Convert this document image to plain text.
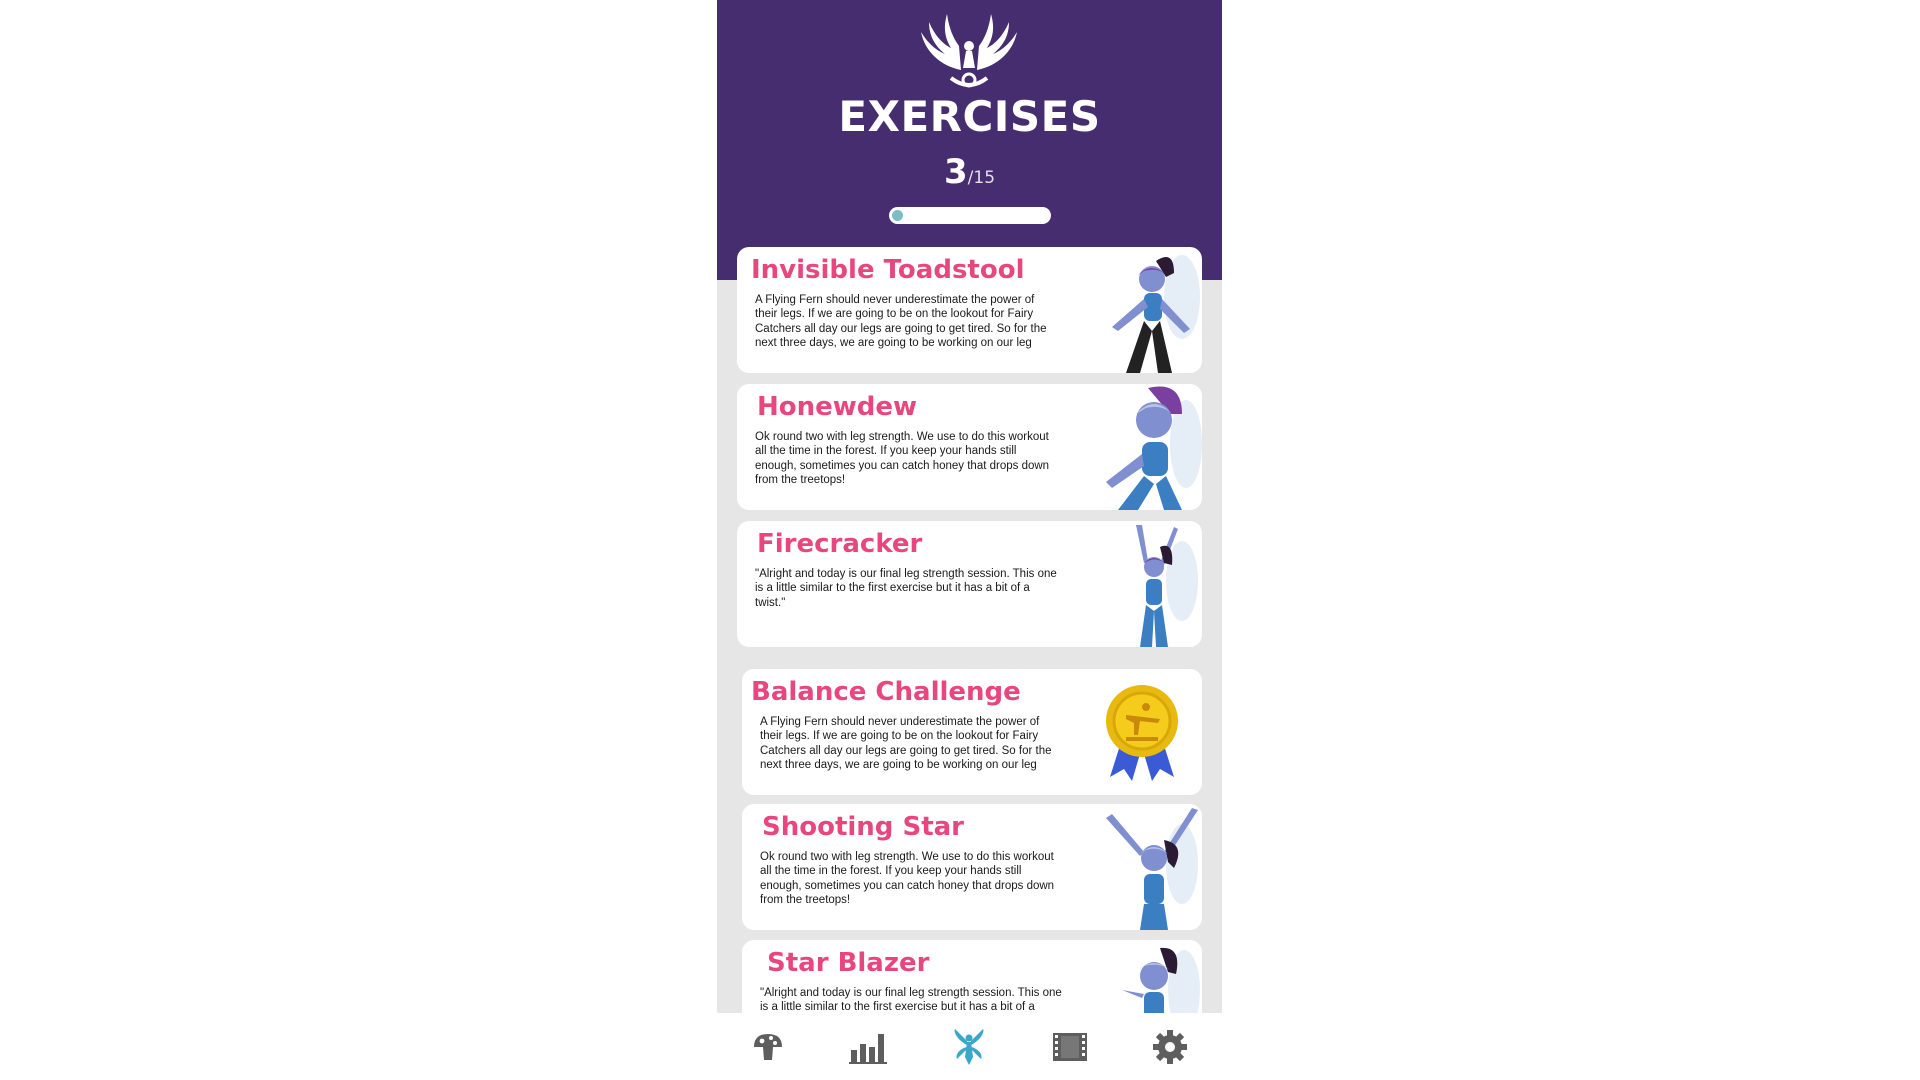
EXERCISES
3/15
Invisible Toadstool
A Flying Fern should never underestimate the power of their legs. If we are going to be on the lookout for Fairy Catchers all day our legs are going to get tired. So for the next three days, we are going to be working on our leg
Honewdew
Ok round two with leg strength. We use to do this workout all the time in the forest. If you keep your hands still enough, sometimes you can catch honey that drops down from the treetops!
Firecracker
"Alright and today is our final leg strength session. This one is a little similar to the first exercise but it has a bit of a twist."
Balance Challenge
A Flying Fern should never underestimate the power of their legs. If we are going to be on the lookout for Fairy Catchers all day our legs are going to get tired. So for the next three days, we are going to be working on our leg
Shooting Star
Ok round two with leg strength. We use to do this workout all the time in the forest. If you keep your hands still enough, sometimes you can catch honey that drops down from the treetops!
Star Blazer
"Alright and today is our final leg strength session. This one is a little similar to the first exercise but it has a bit of a
